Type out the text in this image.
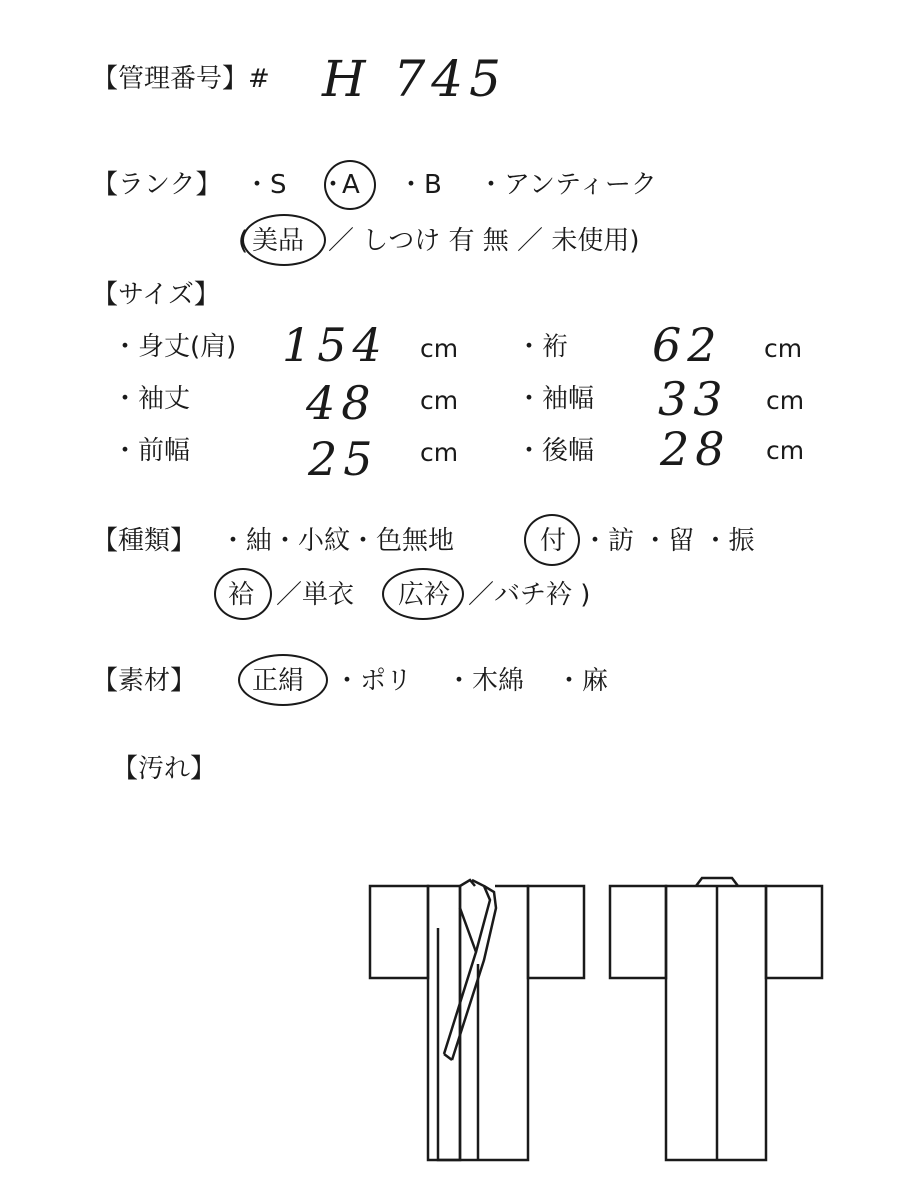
【管理番号】# H 745
【ランク】 ・S ・
A ・B ・アンティーク
( 美品 ／ しつけ 有 無 ／ 未使用)
【サイズ】
・身丈(肩) 154 cm ・裄 62 cm
・袖丈	48 cm ・袖幅 33 cm
・前幅	25 cm ・後幅 28 cm
【種類】 ・紬・小紋・色無地	付 ・訪 ・留 ・振
袷 ／単衣 広衿 ／バチ衿 )
【素材】 正絹 ・ポリ ・木綿 ・麻
【汚れ】
